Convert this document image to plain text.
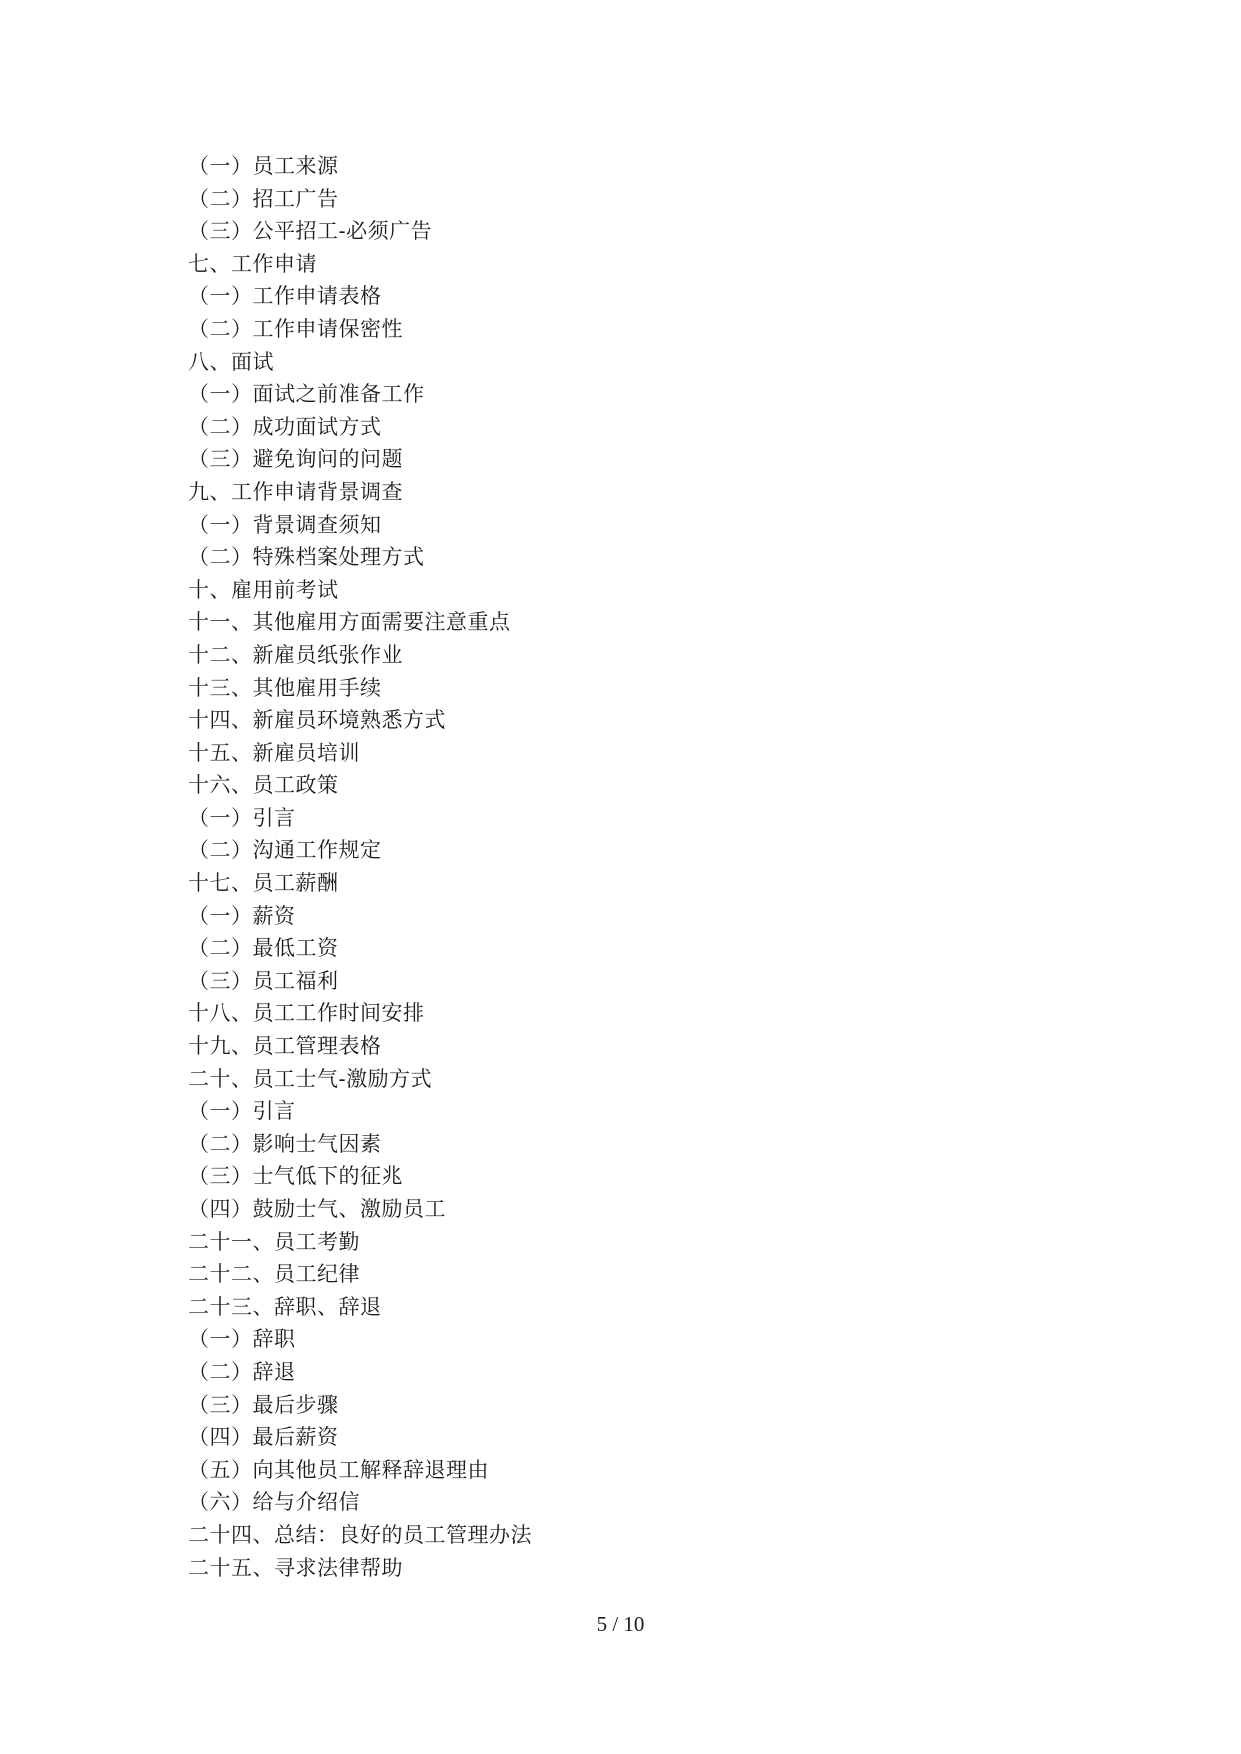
（一）员工来源
（二）招工广告
（三）公平招工-必须广告
七、工作申请
（一）工作申请表格
（二）工作申请保密性
八、面试
（一）面试之前准备工作
（二）成功面试方式
（三）避免询问的问题
九、工作申请背景调查
（一）背景调查须知
（二）特殊档案处理方式
十、雇用前考试
十一、其他雇用方面需要注意重点
十二、新雇员纸张作业
十三、其他雇用手续
十四、新雇员环境熟悉方式
十五、新雇员培训
十六、员工政策
（一）引言
（二）沟通工作规定
十七、员工薪酬
（一）薪资
（二）最低工资
（三）员工福利
十八、员工工作时间安排
十九、员工管理表格
二十、员工士气-激励方式
（一）引言
（二）影响士气因素
（三）士气低下的征兆
（四）鼓励士气、激励员工
二十一、员工考勤
二十二、员工纪律
二十三、辞职、辞退
（一）辞职
（二）辞退
（三）最后步骤
（四）最后薪资
（五）向其他员工解释辞退理由
（六）给与介绍信
二十四、总结：良好的员工管理办法
二十五、寻求法律帮助
5 / 10
